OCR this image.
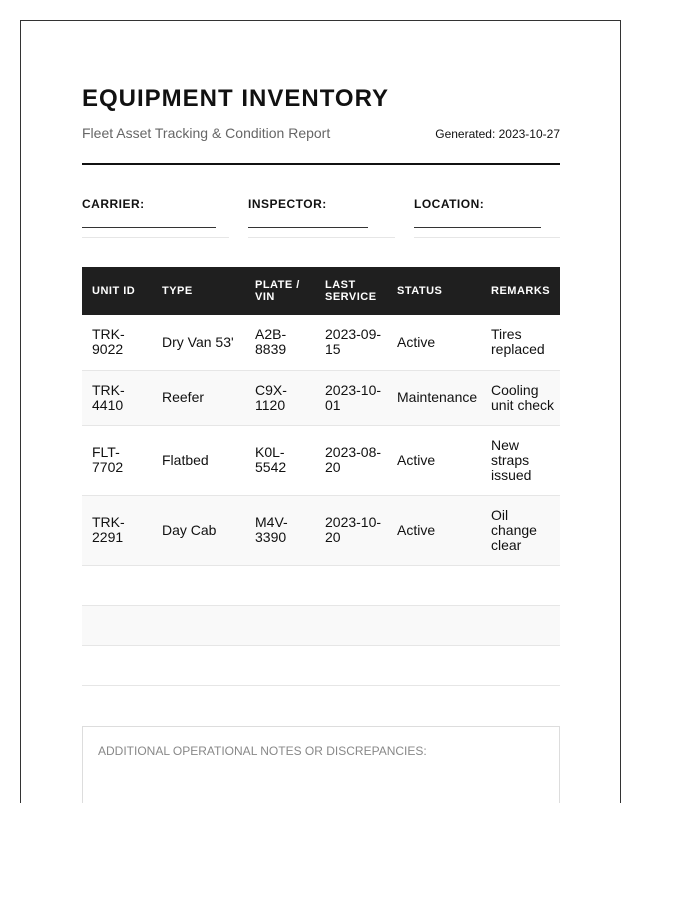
EQUIPMENT INVENTORY
Fleet Asset Tracking & Condition Report	Generated: 2023-10-27
CARRIER:	INSPECTOR:	LOCATION:
UNIT ID	TYPE	PLATE / VIN	LAST SERVICE	STATUS	REMARKS
TRK-9022	Dry Van 53'	A2B-8839	2023-09-15	Active	Tires replaced
TRK-4410	Reefer	C9X-1120	2023-10-01	Maintenance	Cooling unit check
FLT-7702	Flatbed	K0L-5542	2023-08-20	Active	New straps issued
TRK-2291	Day Cab	M4V-3390	2023-10-20	Active	Oil change clear

ADDITIONAL OPERATIONAL NOTES OR DISCREPANCIES:
